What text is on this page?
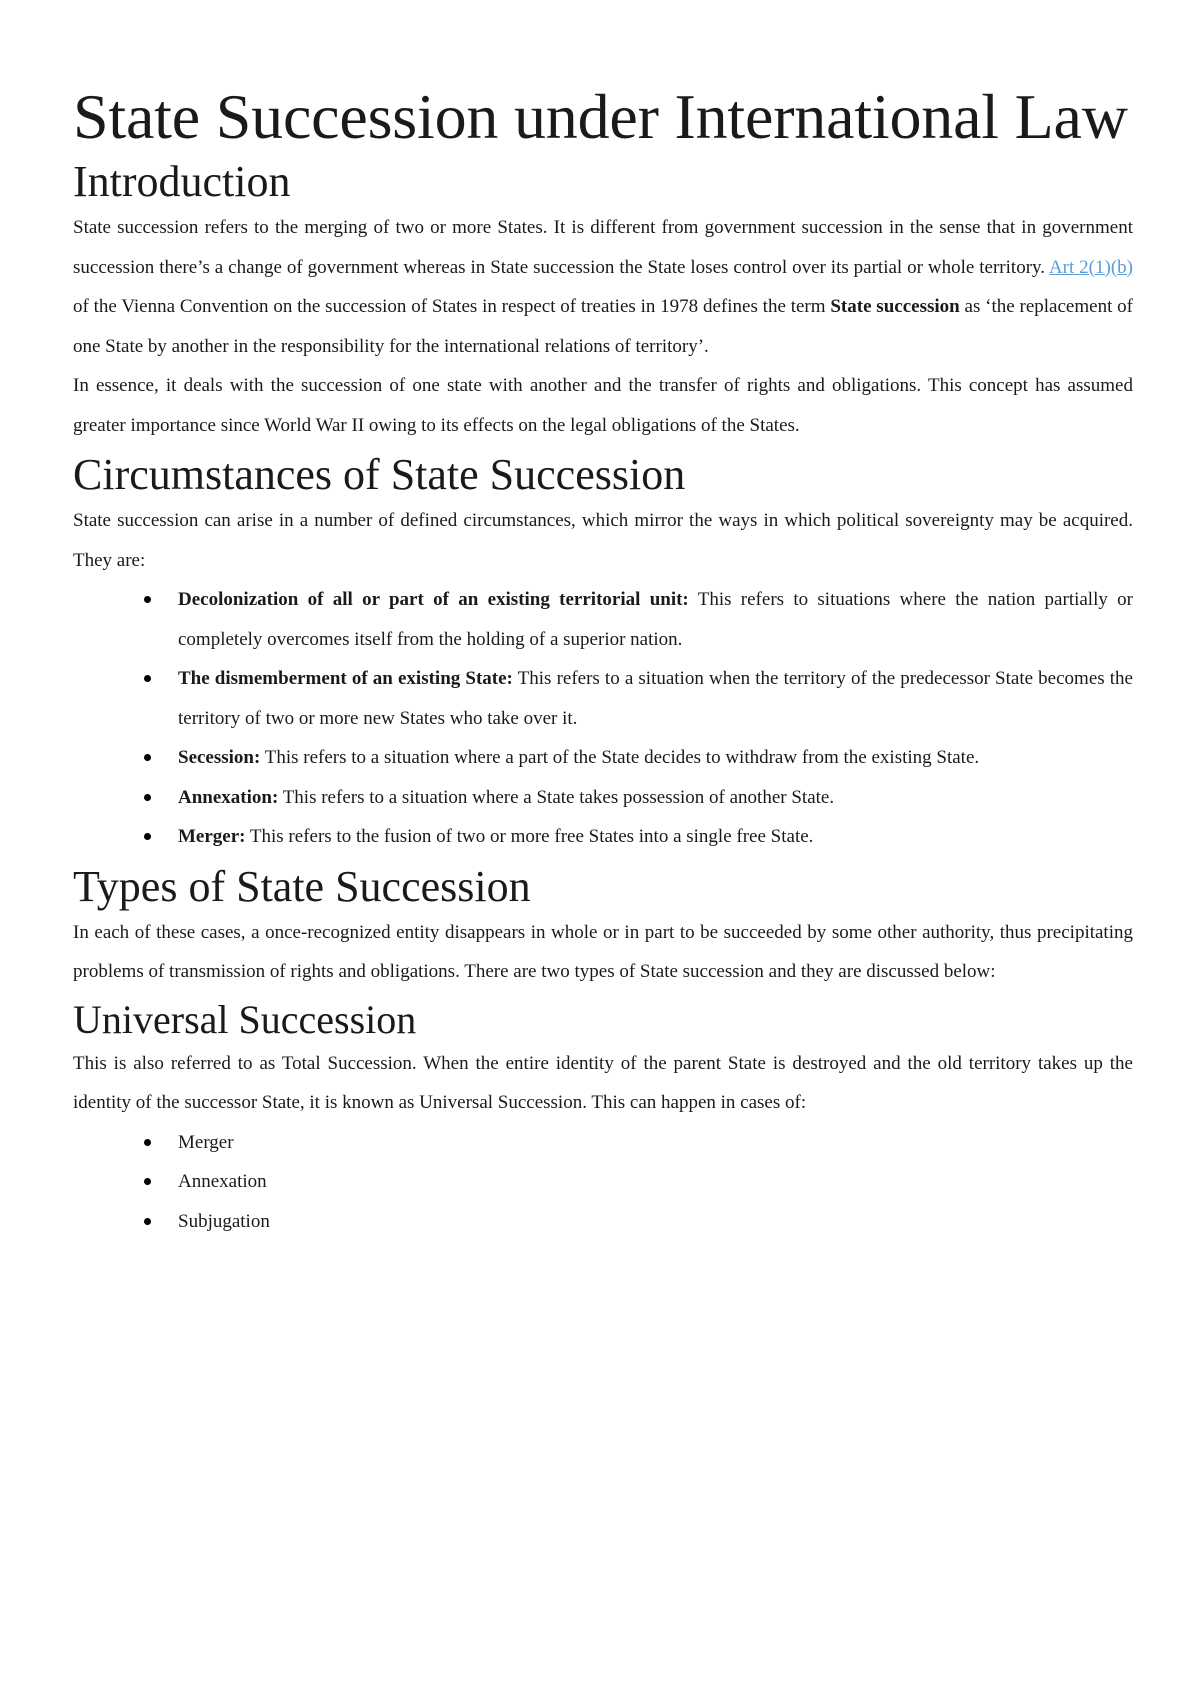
State Succession under International Law
Introduction

State succession refers to the merging of two or more States. It is different from government succession in the sense that in government succession there’s a change of government whereas in State succession the State loses control over its partial or whole territory. Art 2(1)(b) of the Vienna Convention on the succession of States in respect of treaties in 1978 defines the term State succession as ‘the replacement of one State by another in the responsibility for the international relations of territory’.

In essence, it deals with the succession of one state with another and the transfer of rights and obligations. This concept has assumed greater importance since World War II owing to its effects on the legal obligations of the States.

Circumstances of State Succession

State succession can arise in a number of defined circumstances, which mirror the ways in which political sovereignty may be acquired. They are:

Decolonization of all or part of an existing territorial unit: This refers to situations where the nation partially or completely overcomes itself from the holding of a superior nation.
The dismemberment of an existing State: This refers to a situation when the territory of the predecessor State becomes the territory of two or more new States who take over it.
Secession: This refers to a situation where a part of the State decides to withdraw from the existing State.
Annexation: This refers to a situation where a State takes possession of another State.
Merger: This refers to the fusion of two or more free States into a single free State.
Types of State Succession

In each of these cases, a once-recognized entity disappears in whole or in part to be succeeded by some other authority, thus precipitating problems of transmission of rights and obligations. There are two types of State succession and they are discussed below:

Universal Succession

This is also referred to as Total Succession. When the entire identity of the parent State is destroyed and the old territory takes up the identity of the successor State, it is known as Universal Succession. This can happen in cases of:

Merger
Annexation
Subjugation
